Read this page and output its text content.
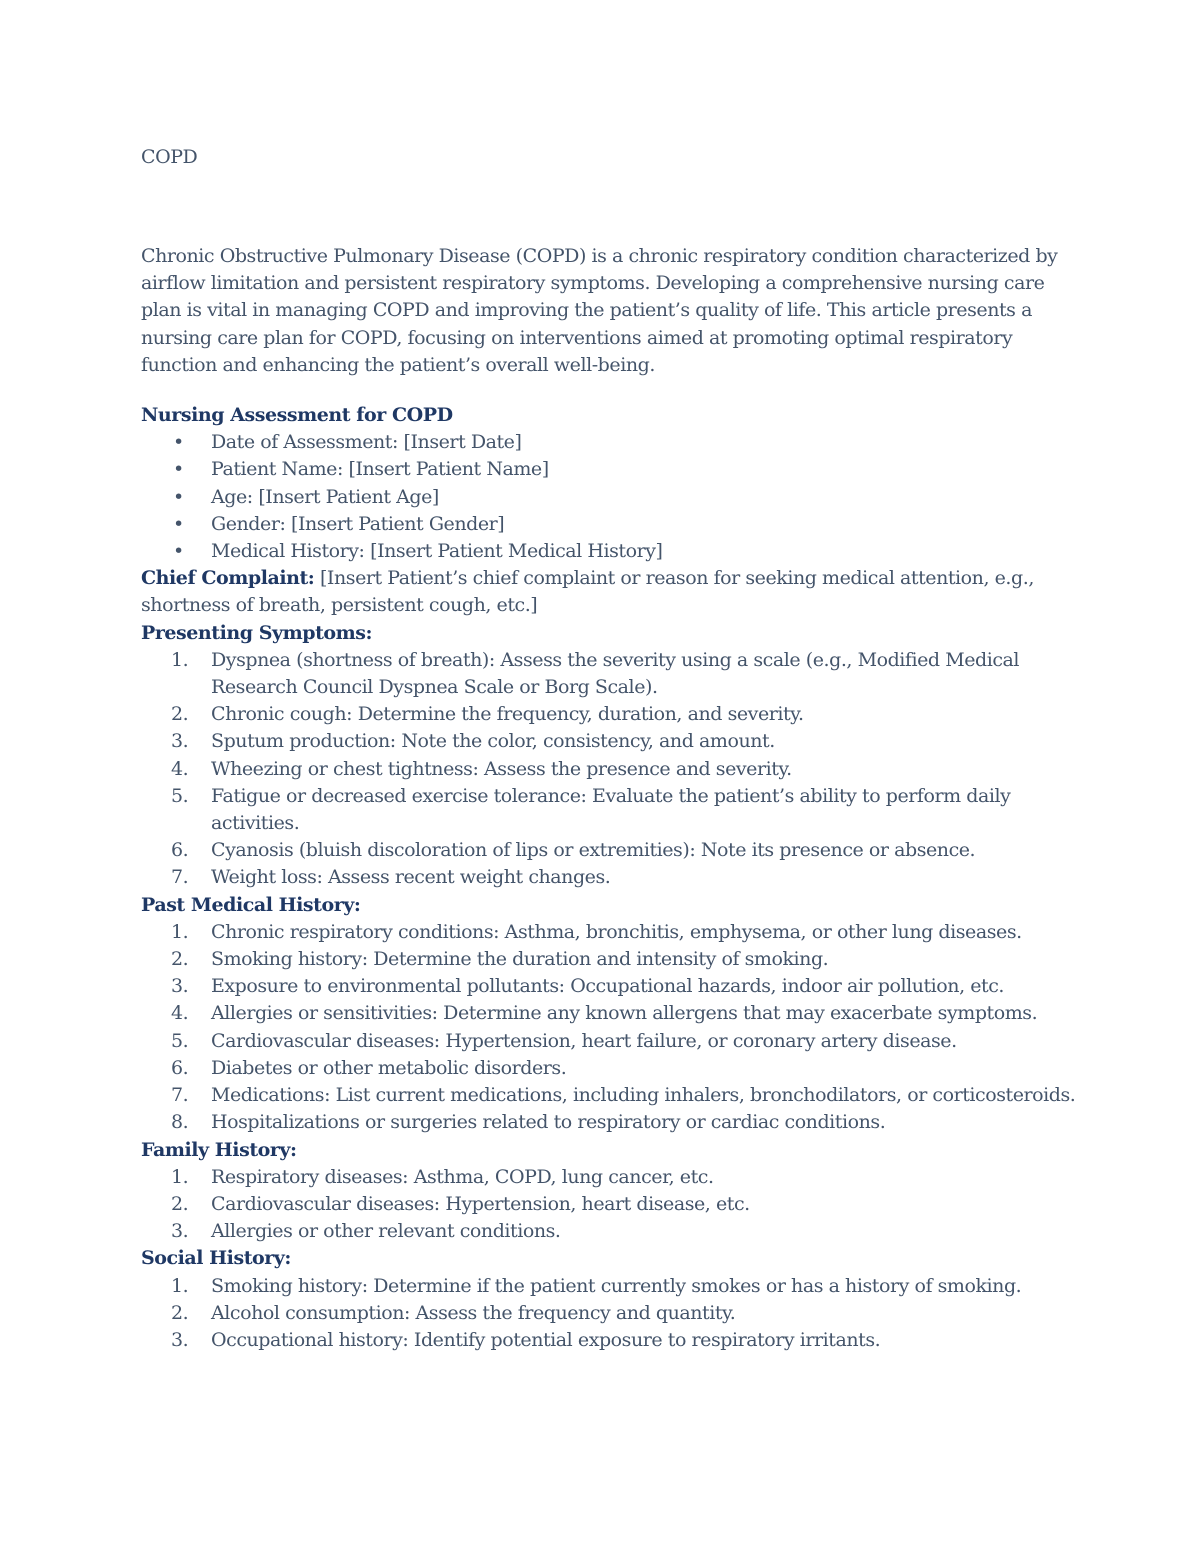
COPD

Chronic Obstructive Pulmonary Disease (COPD) is a chronic respiratory condition characterized by airflow limitation and persistent respiratory symptoms. Developing a comprehensive nursing care plan is vital in managing COPD and improving the patient’s quality of life. This article presents a nursing care plan for COPD, focusing on interventions aimed at promoting optimal respiratory function and enhancing the patient’s overall well-being.

Nursing Assessment for COPD
• Date of Assessment: [Insert Date]
• Patient Name: [Insert Patient Name]
• Age: [Insert Patient Age]
• Gender: [Insert Patient Gender]
• Medical History: [Insert Patient Medical History]

Chief Complaint: [Insert Patient’s chief complaint or reason for seeking medical attention, e.g., shortness of breath, persistent cough, etc.]

Presenting Symptoms:
1.	Dyspnea (shortness of breath): Assess the severity using a scale (e.g., Modified Medical Research Council Dyspnea Scale or Borg Scale).
2.	Chronic cough: Determine the frequency, duration, and severity.
3.	Sputum production: Note the color, consistency, and amount.
4.	Wheezing or chest tightness: Assess the presence and severity.
5.	Fatigue or decreased exercise tolerance: Evaluate the patient’s ability to perform daily activities.
6.	Cyanosis (bluish discoloration of lips or extremities): Note its presence or absence.
7.	Weight loss: Assess recent weight changes.
Past Medical History:
1.	Chronic respiratory conditions: Asthma, bronchitis, emphysema, or other lung diseases.
2.	Smoking history: Determine the duration and intensity of smoking.
3.	Exposure to environmental pollutants: Occupational hazards, indoor air pollution, etc.
4.	Allergies or sensitivities: Determine any known allergens that may exacerbate symptoms.
5.	Cardiovascular diseases: Hypertension, heart failure, or coronary artery disease.
6.	Diabetes or other metabolic disorders.
7.	Medications: List current medications, including inhalers, bronchodilators, or corticosteroids.
8.	Hospitalizations or surgeries related to respiratory or cardiac conditions.
Family History:
1.	Respiratory diseases: Asthma, COPD, lung cancer, etc.
2.	Cardiovascular diseases: Hypertension, heart disease, etc.
3.	Allergies or other relevant conditions.
Social History:
1.	Smoking history: Determine if the patient currently smokes or has a history of smoking.
2.	Alcohol consumption: Assess the frequency and quantity.
3.	Occupational history: Identify potential exposure to respiratory irritants.
